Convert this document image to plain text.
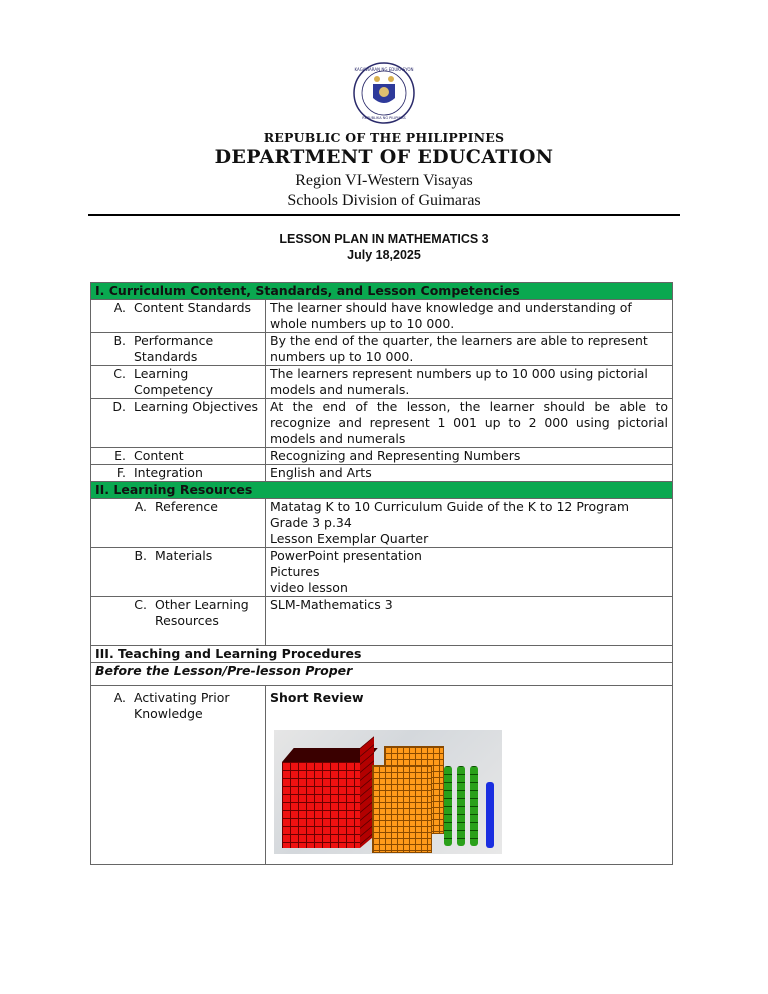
KAGAWARAN NG EDUKASYON
REPUBLIKA NG PILIPINAS
REPUBLIC OF THE PHILIPPINES
DEPARTMENT OF EDUCATION
Region VI-Western Visayas
Schools Division of Guimaras
LESSON PLAN IN MATHEMATICS 3
July 18,2025
I. Curriculum Content, Standards, and Lesson Competencies	

A. Content Standards	The learner should have knowledge and understanding of whole numbers up to 10 000.

B. Performance Standards	By the end of the quarter, the learners are able to represent numbers up to 10 000.

C. Learning Competency	The learners represent numbers up to 10 000 using pictorial models and numerals.

D. Learning Objectives	At the end of the lesson, the learner should be able to recognize and represent 1 001 up to 2 000 using pictorial models and numerals

E. Content	Recognizing and Representing Numbers

F. Integration	English and Arts
II. Learning Resources	

A. Reference	Matatag K to 10 Curriculum Guide of the K to 12 Program
Grade 3 p.34
Lesson Exemplar Quarter

B. Materials	PowerPoint presentation
Pictures
video lesson

C. Other Learning Resources	SLM-Mathematics 3

III. Teaching and Learning Procedures	
Before the Lesson/Pre-lesson Proper	

A. Activating Prior Knowledge	Short Review
